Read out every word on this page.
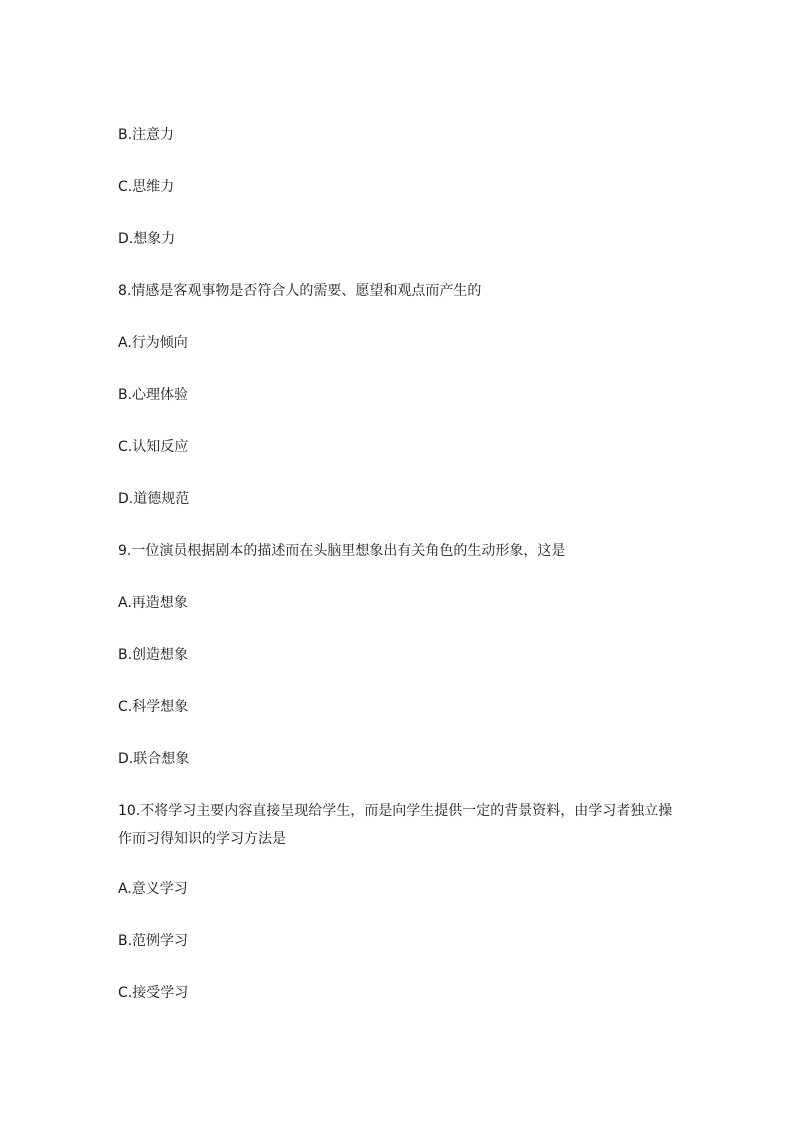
B.注意力
C.思维力
D.想象力
8.情感是客观事物是否符合人的需要、愿望和观点而产生的
A.行为倾向
B.心理体验
C.认知反应
D.道德规范
9.一位演员根据剧本的描述而在头脑里想象出有关角色的生动形象，这是
A.再造想象
B.创造想象
C.科学想象
D.联合想象
10.不将学习主要内容直接呈现给学生，而是向学生提供一定的背景资料，由学习者独立操
作而习得知识的学习方法是
A.意义学习
B.范例学习
C.接受学习
